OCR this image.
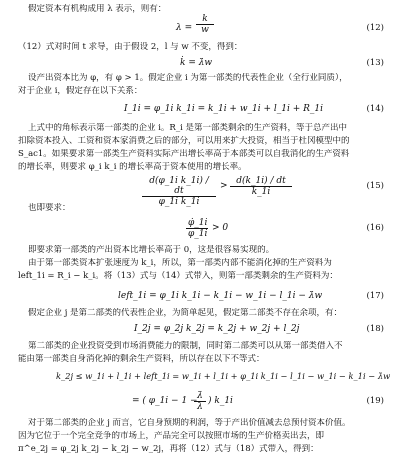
假定资本有机构成用 λ 表示，则有：
$\lambda = \frac{k}{w}$	(12)
（12）式对时间 t 求导，由于假设 2，l 与 w 不变，得到：
k̇ = λ̇w	(13)
设产出资本比为 φ，有 φ > 1。假定企业 i 为第一部类的代表性企业（全行业同质），
对于企业 i，假定存在以下关系：
I_1i = φ_1i k_1i = k_1i + w_1i + l_1i + R_1i	(14)
上式中的角标表示第一部类的企业 i。R_i 是第一部类剩余的生产资料，等于总产出中
扣除资本投入、工资和资本家消费之后的部分，可以用来扩大投资，相当于杜冈模型中的
S_ac1。如果要求第一部类生产资料实际产出增长率高于本部类可以自我消化的生产资料
的增长率，则要求 φ_i k_i 的增长率高于资本使用的增长率。
$\frac{\text{d(φ\_1i k\_1i) / dt}}{\text{φ\_1i k\_1i}} > \frac{d(k\_1i) / dt}{k\_1i}$	(15)
也即要求：
$\frac{\varphi̇\_1i}{\varphi\_1i} > 0$	(16)
即要求第一部类的产出资本比增长率高于 0，这是很容易实现的。
由于第一部类资本扩张速度为 k̇_i，所以，第一部类内部不能消化掉的生产资料为
left_1i = R_i − k̇_i。将（13）式与（14）式带入，则第一部类剩余的生产资料为：
left_1i = φ_1i k_1i − k_1i − w_1i − l_1i − λ̇w	(17)
假定企业 j 是第二部类的代表性企业，为简单起见，假定第二部类不存在余项，有：
I_2j = φ_2j k_2j = k_2j + w_2j + l_2j	(18)
第二部类的企业投资受到市场消费能力的限制，同时第二部类可以从第一部类借入不
能由第一部类自身消化掉的剩余生产资料，所以存在以下不等式：
k_2j ≤ w_1i + l_1i + left_1i = w_1i + l_1i + φ_1i k_1i − l_1i − w_1i − k_1i − λ̇w
= ( φ_1i − 1 −
$\frac{\lambdȧ}{\lambda}$ ) k_1i	(19)
对于第二部类的企业 j 而言，它自身预期的利润，等于产出价值减去总预付资本价值。
因为它位于一个完全竞争的市场上，产品完全可以按照市场的生产价格卖出去，即
π^e_2j = φ_2j k_2j − k_2j − w_2j，再将（12）式与（18）式带入，得到：
